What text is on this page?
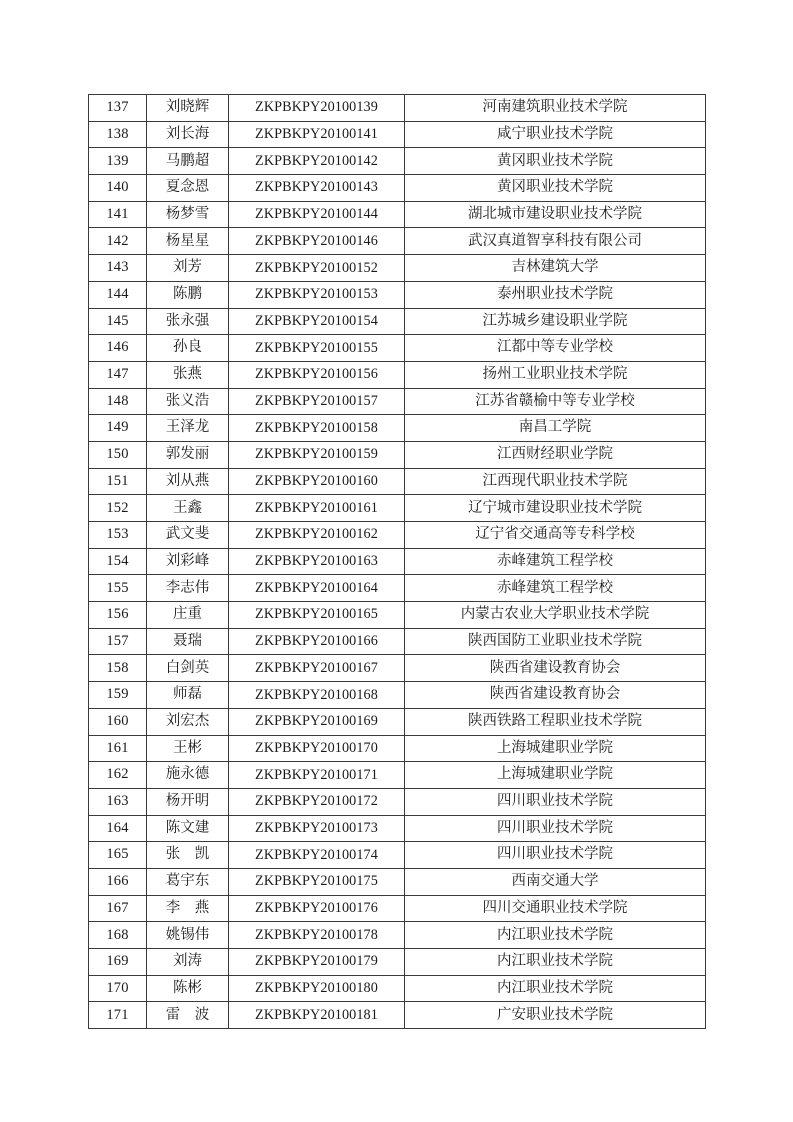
137	刘晓辉	ZKPBKPY20100139	河南建筑职业技术学院
138	刘长海	ZKPBKPY20100141	咸宁职业技术学院
139	马鹏超	ZKPBKPY20100142	黄冈职业技术学院
140	夏念恩	ZKPBKPY20100143	黄冈职业技术学院
141	杨梦雪	ZKPBKPY20100144	湖北城市建设职业技术学院
142	杨星星	ZKPBKPY20100146	武汉真道智享科技有限公司
143	刘芳	ZKPBKPY20100152	吉林建筑大学
144	陈鹏	ZKPBKPY20100153	泰州职业技术学院
145	张永强	ZKPBKPY20100154	江苏城乡建设职业学院
146	孙良	ZKPBKPY20100155	江都中等专业学校
147	张燕	ZKPBKPY20100156	扬州工业职业技术学院
148	张义浩	ZKPBKPY20100157	江苏省赣榆中等专业学校
149	王泽龙	ZKPBKPY20100158	南昌工学院
150	郭发丽	ZKPBKPY20100159	江西财经职业学院
151	刘从燕	ZKPBKPY20100160	江西现代职业技术学院
152	王鑫	ZKPBKPY20100161	辽宁城市建设职业技术学院
153	武文斐	ZKPBKPY20100162	辽宁省交通高等专科学校
154	刘彩峰	ZKPBKPY20100163	赤峰建筑工程学校
155	李志伟	ZKPBKPY20100164	赤峰建筑工程学校
156	庄重	ZKPBKPY20100165	内蒙古农业大学职业技术学院
157	聂瑞	ZKPBKPY20100166	陕西国防工业职业技术学院
158	白剑英	ZKPBKPY20100167	陕西省建设教育协会
159	师磊	ZKPBKPY20100168	陕西省建设教育协会
160	刘宏杰	ZKPBKPY20100169	陕西铁路工程职业技术学院
161	王彬	ZKPBKPY20100170	上海城建职业学院
162	施永德	ZKPBKPY20100171	上海城建职业学院
163	杨开明	ZKPBKPY20100172	四川职业技术学院
164	陈文建	ZKPBKPY20100173	四川职业技术学院
165	张　凯	ZKPBKPY20100174	四川职业技术学院
166	葛宇东	ZKPBKPY20100175	西南交通大学
167	李　燕	ZKPBKPY20100176	四川交通职业技术学院
168	姚锡伟	ZKPBKPY20100178	内江职业技术学院
169	刘涛	ZKPBKPY20100179	内江职业技术学院
170	陈彬	ZKPBKPY20100180	内江职业技术学院
171	雷　波	ZKPBKPY20100181	广安职业技术学院
